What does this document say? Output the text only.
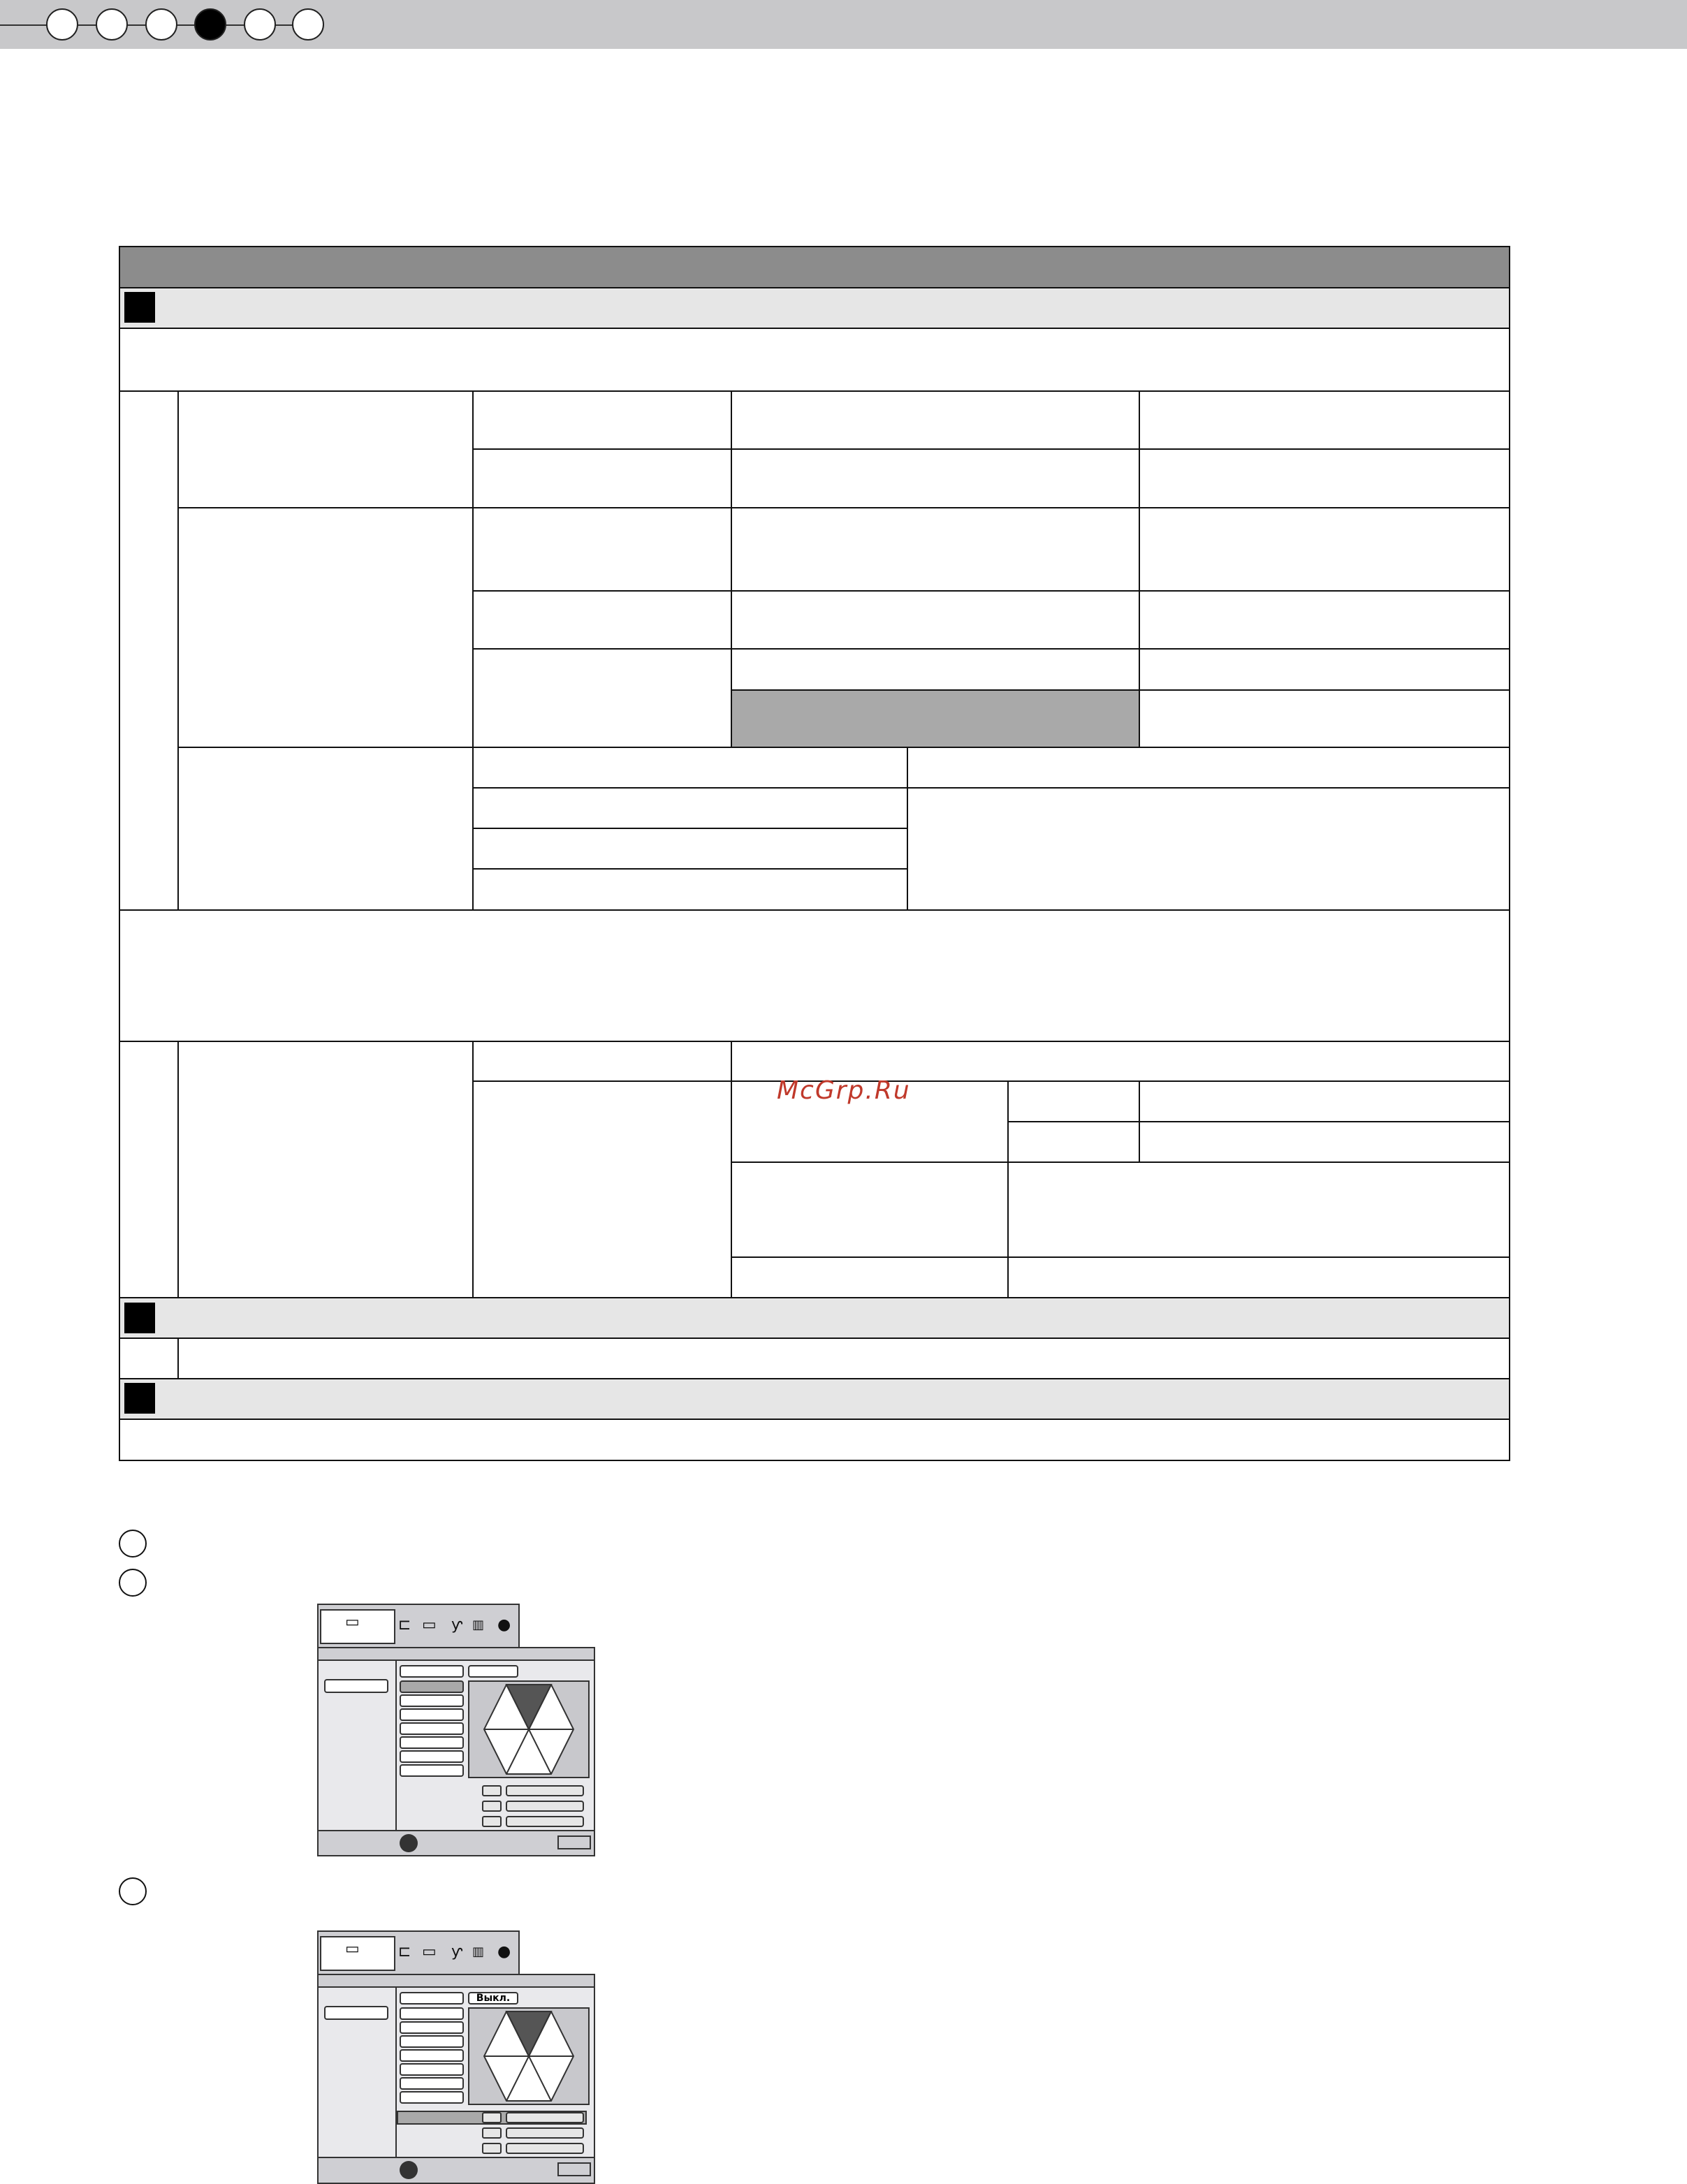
McGrp.Ru
▭	⊏ ▭ ƴ ▥ ●
▭	⊏ ▭ ƴ ▥ ●
Выкл.
